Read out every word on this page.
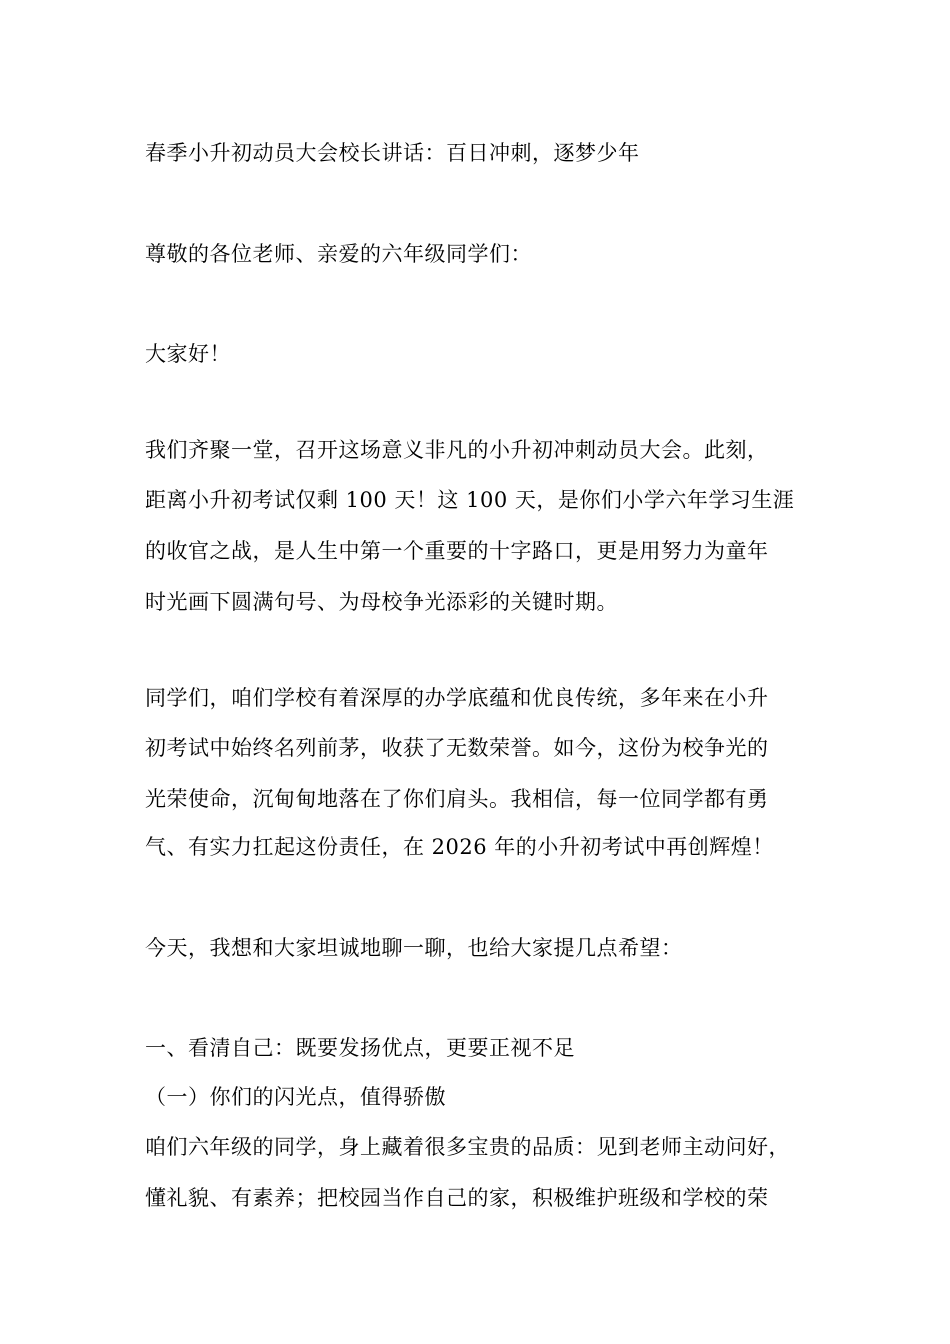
春季小升初动员大会校长讲话：百日冲刺，逐梦少年
尊敬的各位老师、亲爱的六年级同学们：
大家好！
我们齐聚一堂，召开这场意义非凡的小升初冲刺动员大会。此刻，
距离小升初考试仅剩 100 天！这 100 天，是你们小学六年学习生涯
的收官之战，是人生中第一个重要的十字路口，更是用努力为童年
时光画下圆满句号、为母校争光添彩的关键时期。
同学们，咱们学校有着深厚的办学底蕴和优良传统，多年来在小升
初考试中始终名列前茅，收获了无数荣誉。如今，这份为校争光的
光荣使命，沉甸甸地落在了你们肩头。我相信，每一位同学都有勇
气、有实力扛起这份责任，在 2026 年的小升初考试中再创辉煌！
今天，我想和大家坦诚地聊一聊，也给大家提几点希望：
一、看清自己：既要发扬优点，更要正视不足
（一）你们的闪光点，值得骄傲
咱们六年级的同学，身上藏着很多宝贵的品质：见到老师主动问好，
懂礼貌、有素养；把校园当作自己的家，积极维护班级和学校的荣
